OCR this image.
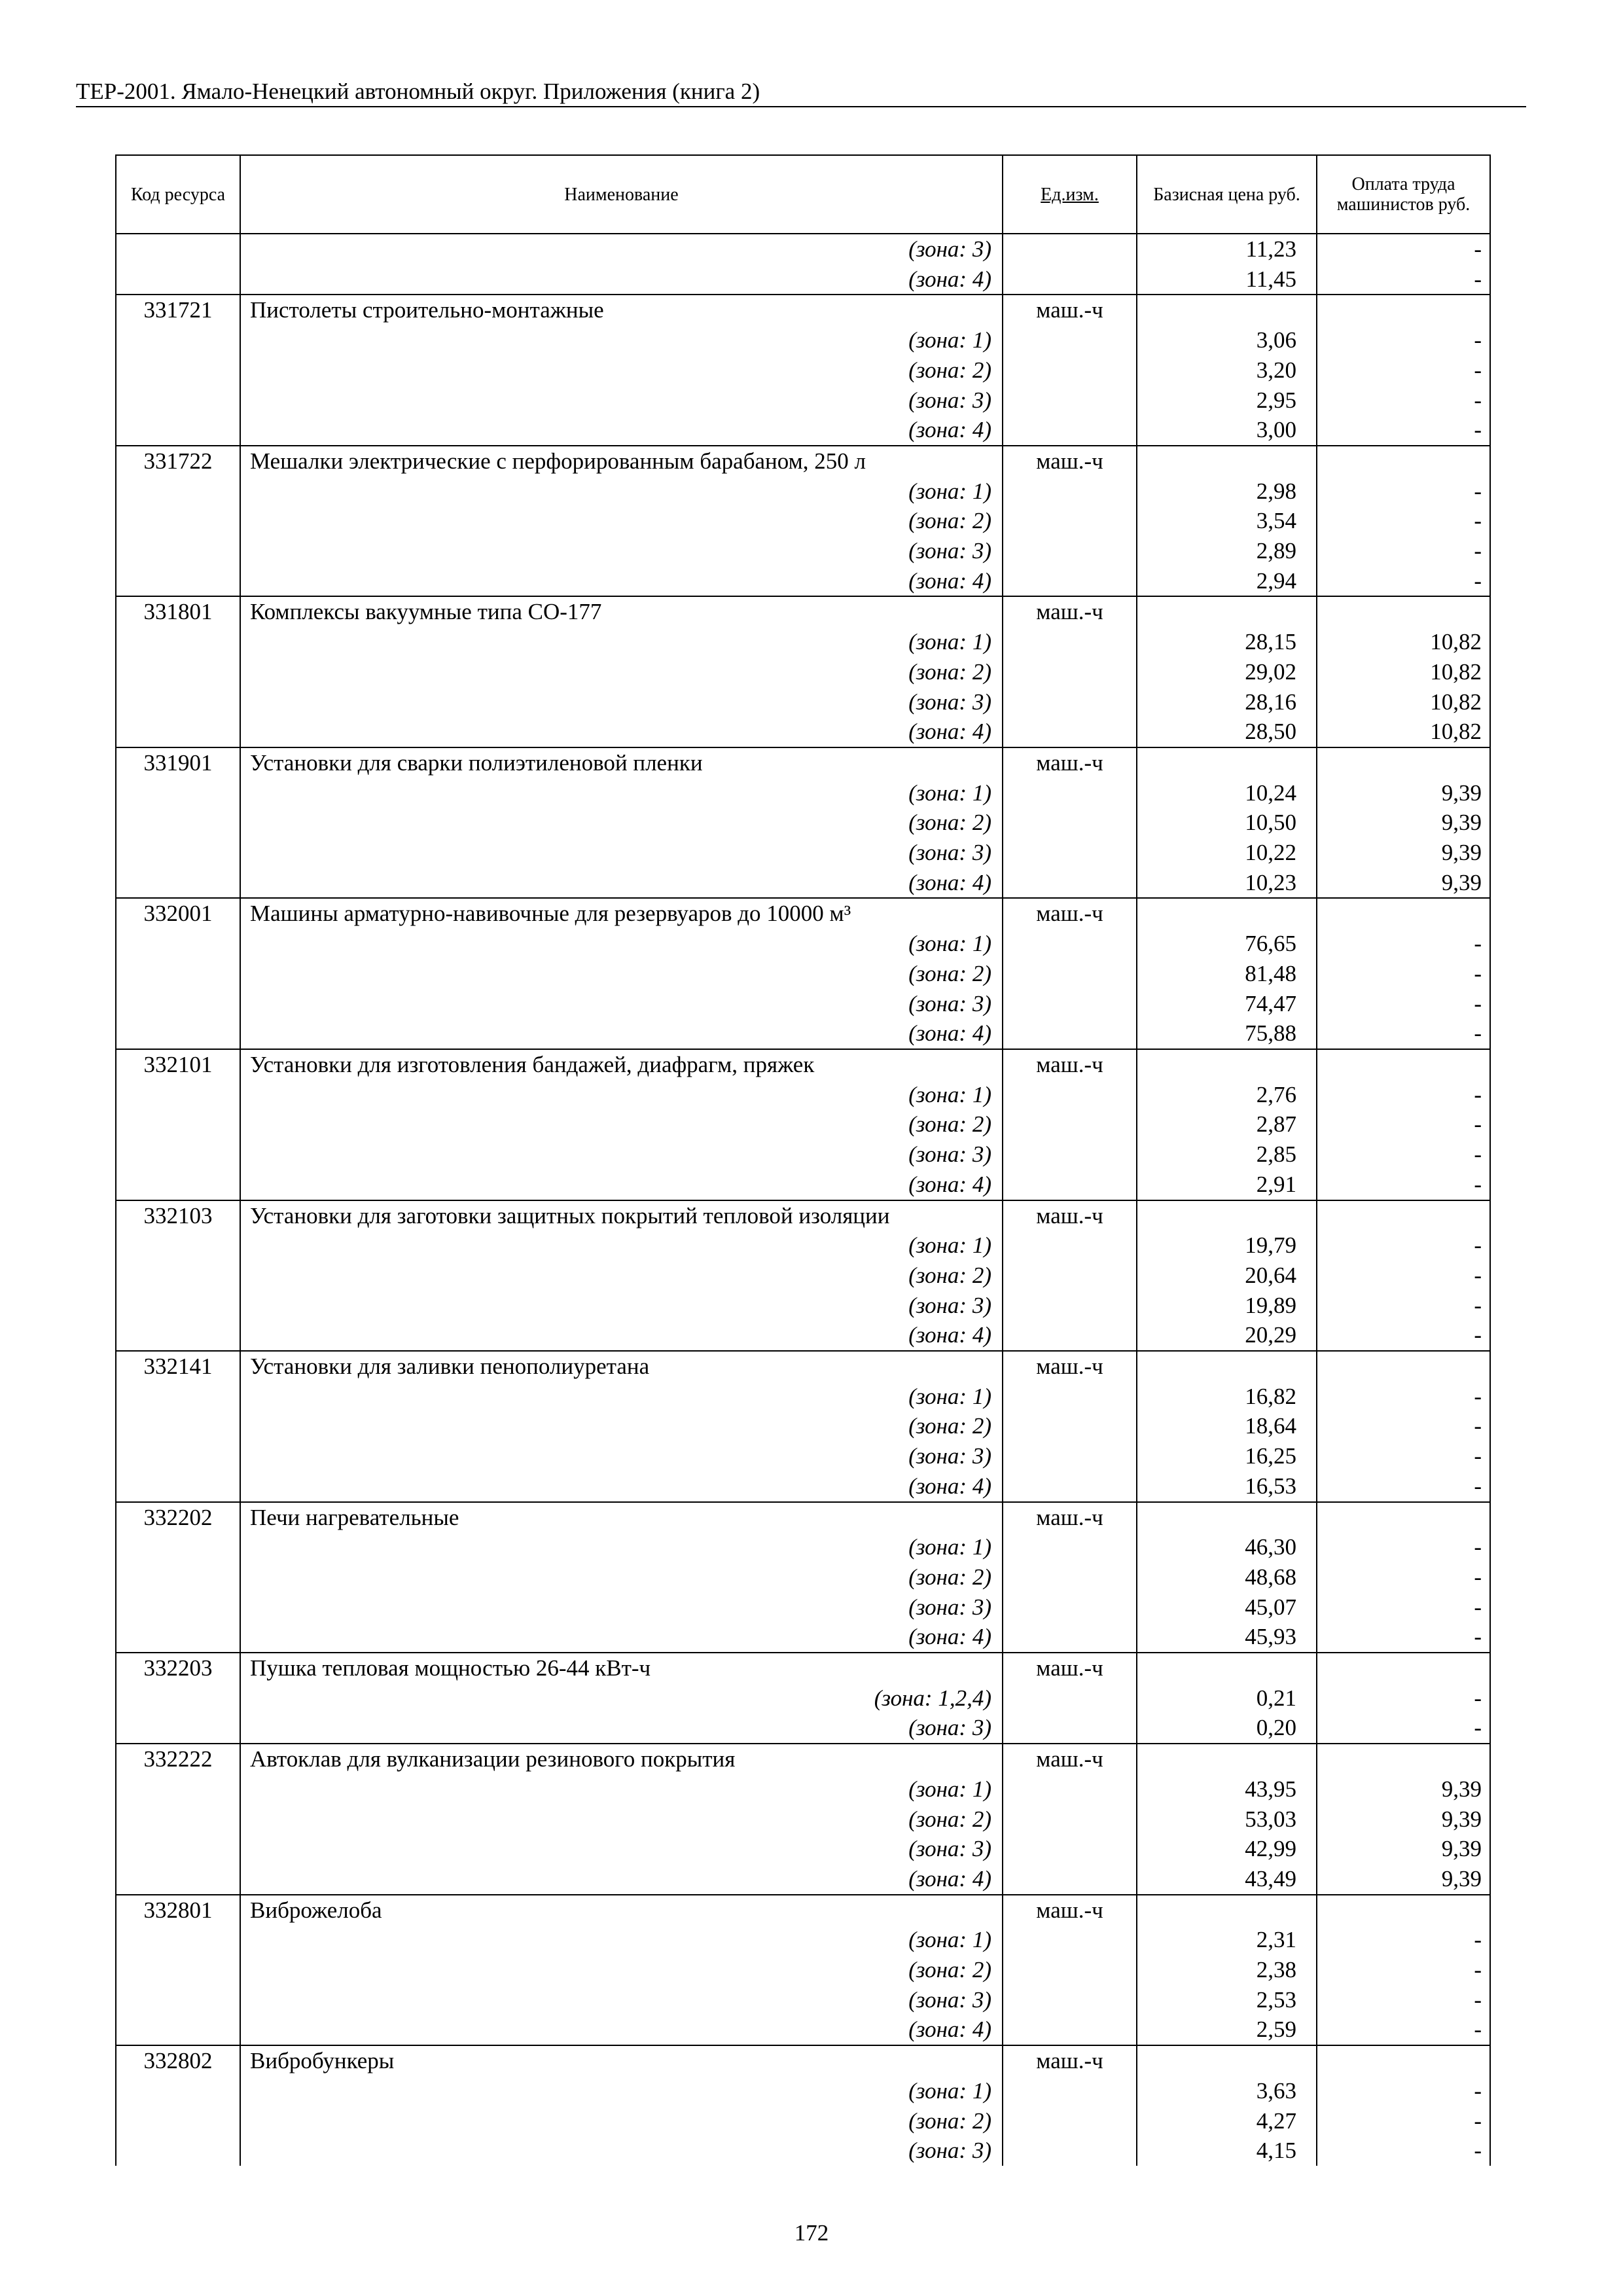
ТЕР-2001. Ямало-Ненецкий автономный округ. Приложения (книга 2)
Код ресурса	Наименование	Ед.изм.	Базисная цена руб.	Оплата труда машинистов руб.
	(зона: 3)		11,23	-
	(зона: 4)		11,45	-
331721	Пистолеты строительно-монтажные	маш.-ч		
	(зона: 1)		3,06	-
	(зона: 2)		3,20	-
	(зона: 3)		2,95	-
	(зона: 4)		3,00	-
331722	Мешалки электрические с перфорированным барабаном, 250 л	маш.-ч		
	(зона: 1)		2,98	-
	(зона: 2)		3,54	-
	(зона: 3)		2,89	-
	(зона: 4)		2,94	-
331801	Комплексы вакуумные типа СО-177	маш.-ч		
	(зона: 1)		28,15	10,82
	(зона: 2)		29,02	10,82
	(зона: 3)		28,16	10,82
	(зона: 4)		28,50	10,82
331901	Установки для сварки полиэтиленовой пленки	маш.-ч		
	(зона: 1)		10,24	9,39
	(зона: 2)		10,50	9,39
	(зона: 3)		10,22	9,39
	(зона: 4)		10,23	9,39
332001	Машины арматурно-навивочные для резервуаров до 10000 м³	маш.-ч		
	(зона: 1)		76,65	-
	(зона: 2)		81,48	-
	(зона: 3)		74,47	-
	(зона: 4)		75,88	-
332101	Установки для изготовления бандажей, диафрагм, пряжек	маш.-ч		
	(зона: 1)		2,76	-
	(зона: 2)		2,87	-
	(зона: 3)		2,85	-
	(зона: 4)		2,91	-
332103	Установки для заготовки защитных покрытий тепловой изоляции	маш.-ч		
	(зона: 1)		19,79	-
	(зона: 2)		20,64	-
	(зона: 3)		19,89	-
	(зона: 4)		20,29	-
332141	Установки для заливки пенополиуретана	маш.-ч		
	(зона: 1)		16,82	-
	(зона: 2)		18,64	-
	(зона: 3)		16,25	-
	(зона: 4)		16,53	-
332202	Печи нагревательные	маш.-ч		
	(зона: 1)		46,30	-
	(зона: 2)		48,68	-
	(зона: 3)		45,07	-
	(зона: 4)		45,93	-
332203	Пушка тепловая мощностью 26-44 кВт-ч	маш.-ч		
	(зона: 1,2,4)		0,21	-
	(зона: 3)		0,20	-
332222	Автоклав для вулканизации резинового покрытия	маш.-ч		
	(зона: 1)		43,95	9,39
	(зона: 2)		53,03	9,39
	(зона: 3)		42,99	9,39
	(зона: 4)		43,49	9,39
332801	Виброжелоба	маш.-ч		
	(зона: 1)		2,31	-
	(зона: 2)		2,38	-
	(зона: 3)		2,53	-
	(зона: 4)		2,59	-
332802	Вибробункеры	маш.-ч		
	(зона: 1)		3,63	-
	(зона: 2)		4,27	-
	(зона: 3)		4,15	-
172
